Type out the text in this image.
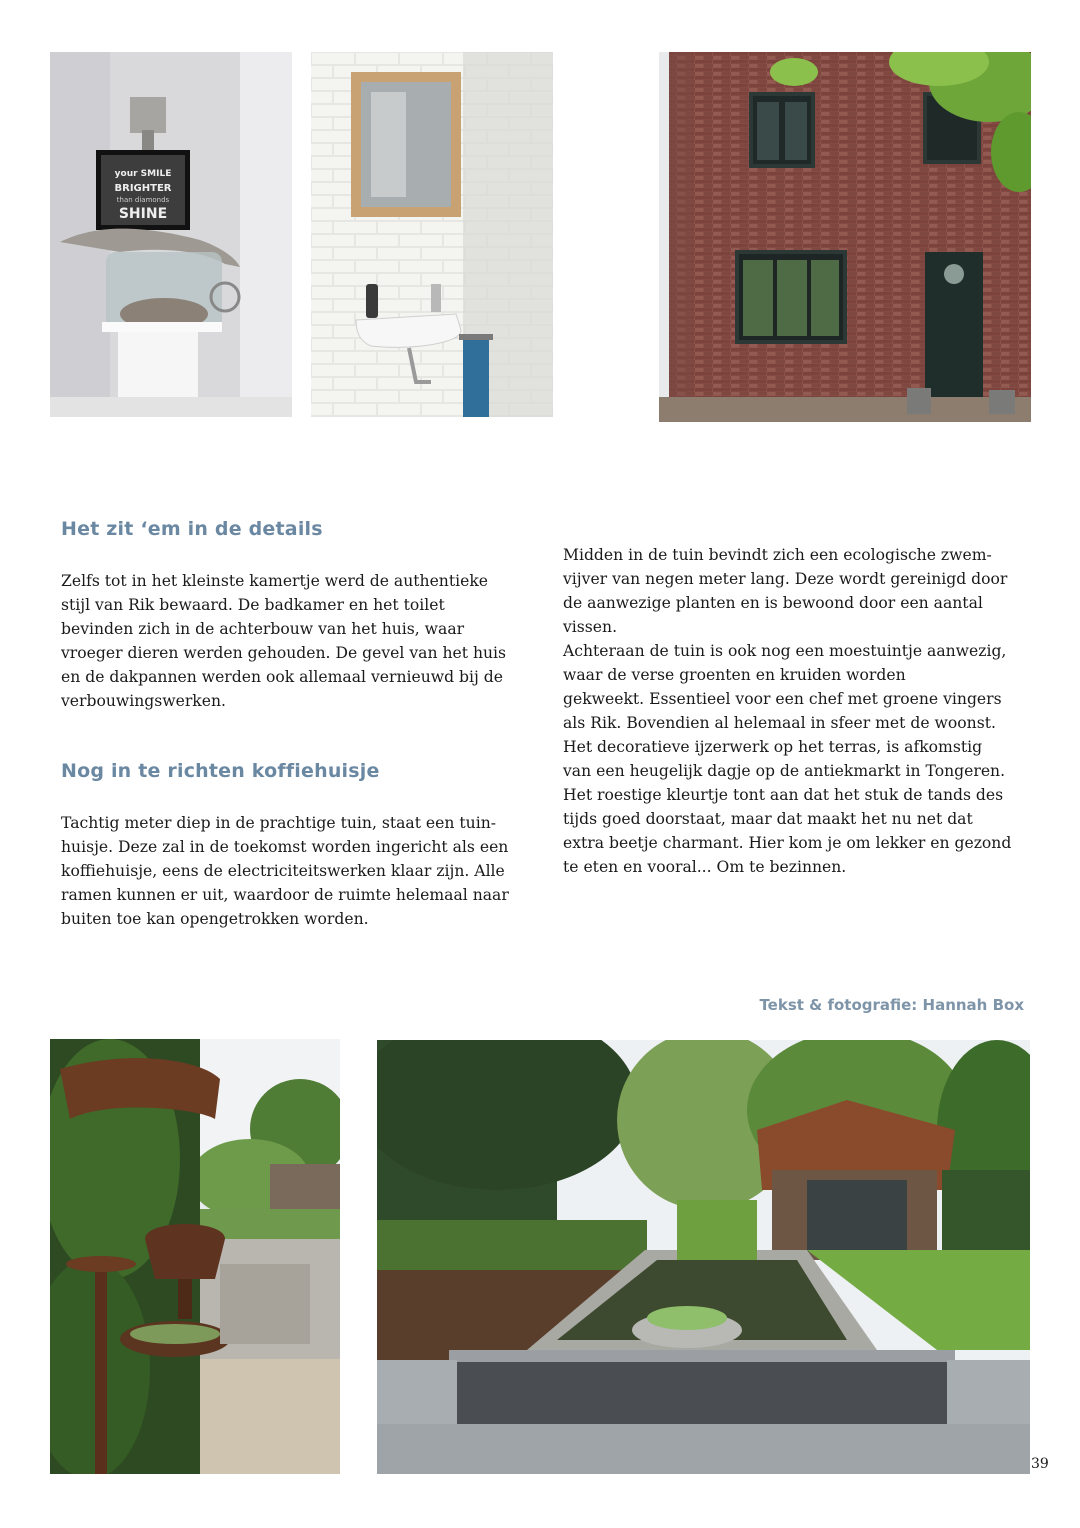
your SMILE
BRIGHTER
than diamonds
SHINE
Het zit ‘em in de details

Zelfs tot in het kleinste kamertje werd de authentieke
stijl van Rik bewaard. De badkamer en het toilet
bevinden zich in de achterbouw van het huis, waar
vroeger dieren werden gehouden. De gevel van het huis
en de dakpannen werden ook allemaal vernieuwd bij de
verbouwingswerken.

Nog in te richten koffiehuisje

Tachtig meter diep in de prachtige tuin, staat een tuin-
huisje. Deze zal in de toekomst worden ingericht als een
koffiehuisje, eens de electriciteitswerken klaar zijn. Alle
ramen kunnen er uit, waardoor de ruimte helemaal naar
buiten toe kan opengetrokken worden.

Midden in de tuin bevindt zich een ecologische zwem-
vijver van negen meter lang. Deze wordt gereinigd door
de aanwezige planten en is bewoond door een aantal
vissen.
Achteraan de tuin is ook nog een moestuintje aanwezig,
waar de verse groenten en kruiden worden
gekweekt. Essentieel voor een chef met groene vingers
als Rik. Bovendien al helemaal in sfeer met de woonst.
Het decoratieve ijzerwerk op het terras, is afkomstig
van een heugelijk dagje op de antiekmarkt in Tongeren.
Het roestige kleurtje tont aan dat het stuk de tands des
tijds goed doorstaat, maar dat maakt het nu net dat
extra beetje charmant. Hier kom je om lekker en gezond
te eten en vooral... Om te bezinnen.

Tekst & fotografie: Hannah Box

39
